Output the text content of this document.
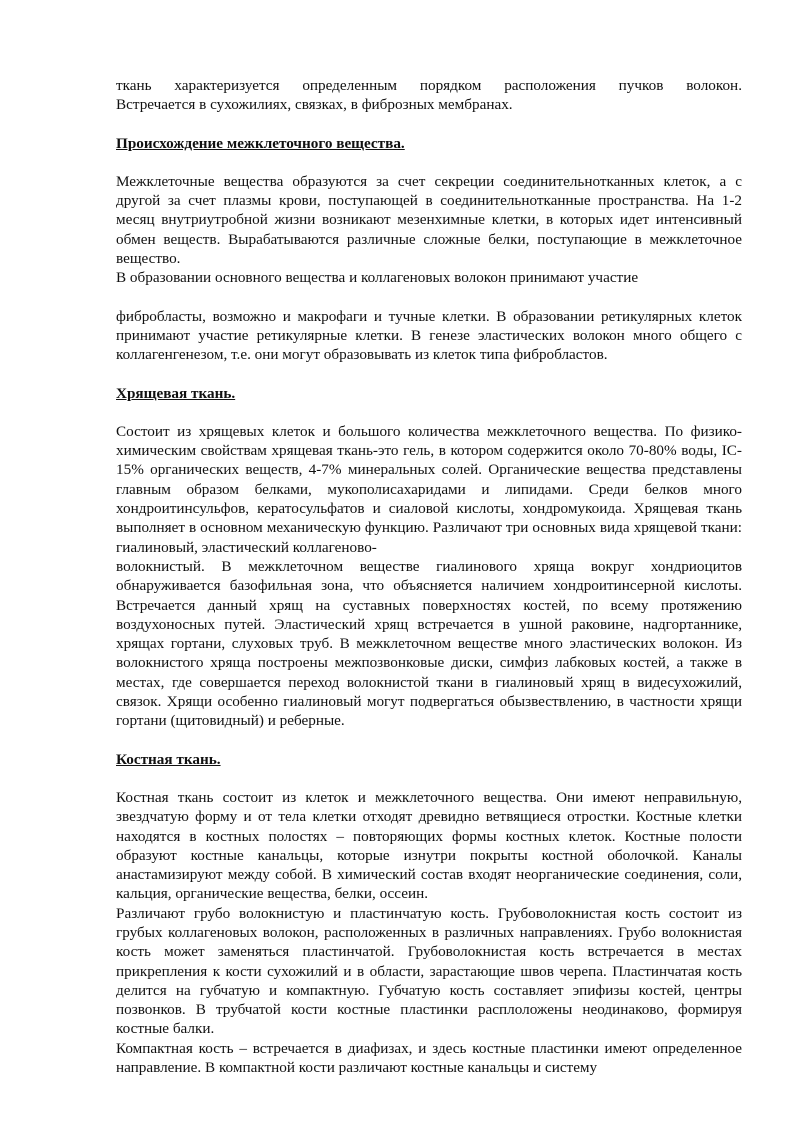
ткань характеризуется определенным порядком расположения пучков волокон.

Встречается в сухожилиях, связках, в фиброзных мембранах.

Происхождение межклеточного вещества.

Межклеточные вещества образуются за счет секреции соединительнотканных клеток, а с другой за счет плазмы крови, поступающей в соединительнотканные пространства. На 1-2 месяц внутриутробной жизни возникают мезенхимные клетки, в которых идет интенсивный обмен веществ. Вырабатываются различные сложные белки, поступающие в межклеточное вещество.

В образовании основного вещества и коллагеновых волокон принимают участие

фибробласты, возможно и макрофаги и тучные клетки. В образовании ретикулярных клеток принимают участие ретикулярные клетки. В генезе эластических волокон много общего с коллагенгенезом, т.е. они могут образовывать из клеток типа фибробластов.

Хрящевая ткань.

Состоит из хрящевых клеток и большого количества межклеточного вещества. По физико-химическим свойствам хрящевая ткань-это гель, в котором содержится около 70-80% воды, IC-15% органических веществ, 4-7% минеральных солей. Органические вещества представлены главным образом белками, мукополисахаридами и липидами. Среди белков много хондроитинсульфов, кератосульфатов и сиаловой кислоты, хондромукоида. Хрящевая ткань выполняет в основном механическую функцию. Различают три основных вида хрящевой ткани: гиалиновый, эластический коллагеново-

волокнистый. В межклеточном веществе гиалинового хряща вокруг хондриоцитов обнаруживается базофильная зона, что объясняется наличием хондроитинсерной кислоты. Встречается данный хрящ на суставных поверхностях костей, по всему протяжению воздухоносных путей. Эластический хрящ встречается в ушной раковине, надгортаннике, хрящах гортани, слуховых труб. В межклеточном веществе много эластических волокон. Из волокнистого хряща построены межпозвонковые диски, симфиз лабковых костей, а также в местах, где совершается переход волокнистой ткани в гиалиновый хрящ в видесухожилий, связок. Хрящи особенно гиалиновый могут подвергаться обызвествлению, в частности хрящи гортани (щитовидный) и реберные.

Костная ткань.

Костная ткань состоит из клеток и межклеточного вещества. Они имеют неправильную, звездчатую форму и от тела клетки отходят древидно ветвящиеся отростки. Костные клетки находятся в костных полостях – повторяющих формы костных клеток. Костные полости образуют костные канальцы, которые изнутри покрыты костной оболочкой. Каналы анастамизируют между собой. В химический состав входят неорганические соединения, соли, кальция, органические вещества, белки, оссеин.

Различают грубо волокнистую и пластинчатую кость. Грубоволокнистая кость состоит из грубых коллагеновых волокон, расположенных в различных направлениях. Грубо волокнистая кость может заменяться пластинчатой. Грубоволокнистая кость встречается в местах прикрепления к кости сухожилий и в области, зарастающие швов черепа. Пластинчатая кость делится на губчатую и компактную. Губчатую кость составляет эпифизы костей, центры позвонков. В трубчатой кости костные пластинки расплоложены неодинаково, формируя костные балки.

Компактная кость – встречается в диафизах, и здесь костные пластинки имеют определенное направление. В компактной кости различают костные канальцы и систему
